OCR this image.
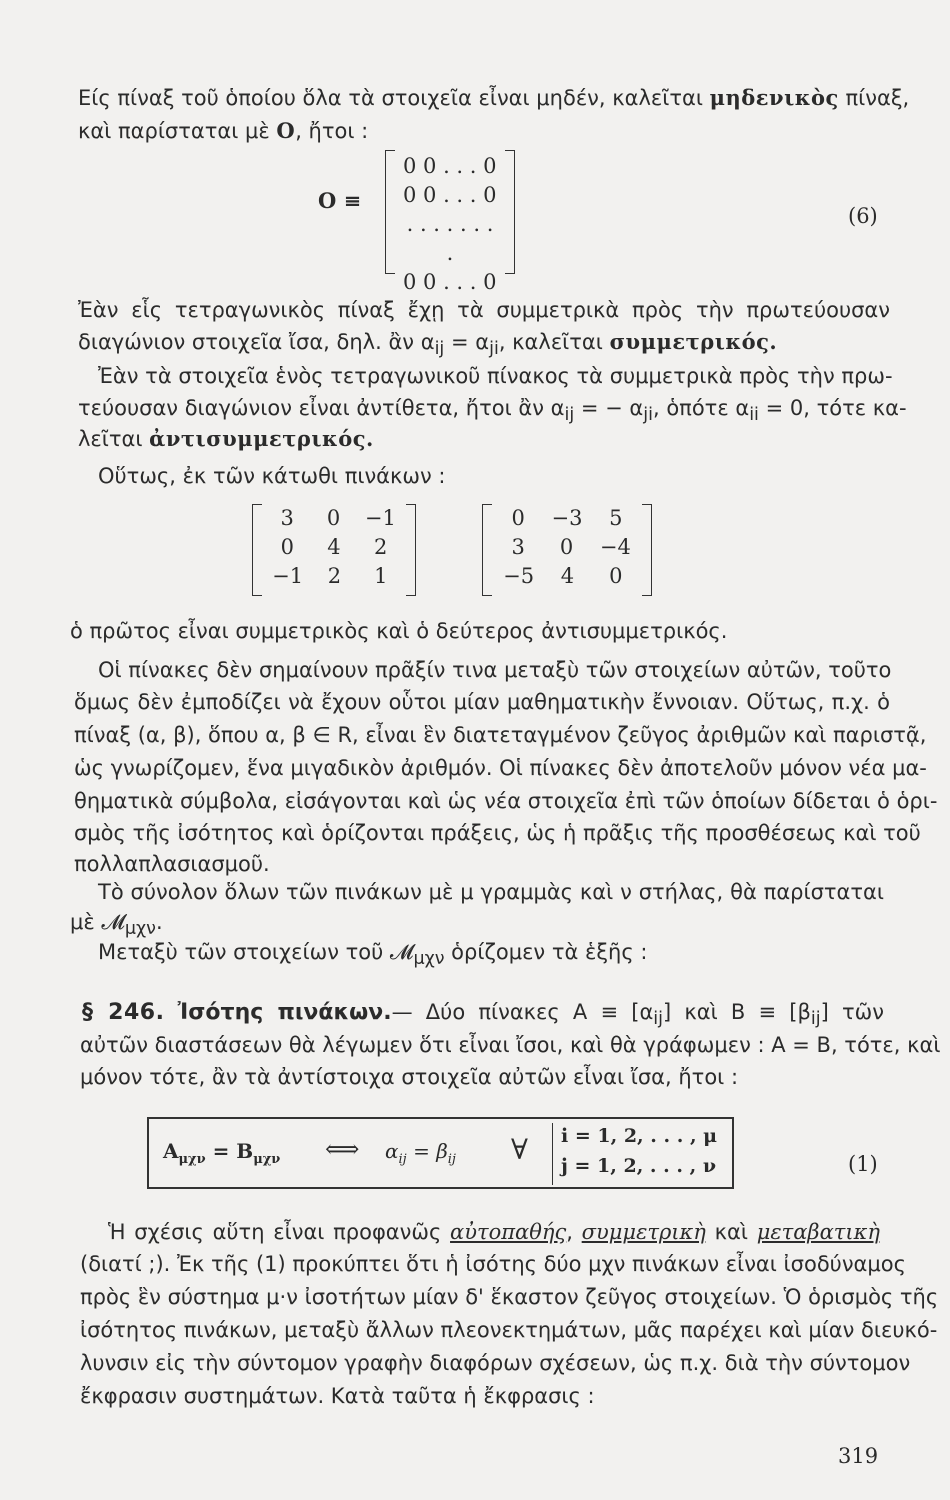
Είς πίναξ τοῦ ὁποίου ὅλα τὰ στοιχεῖα εἶναι μηδέν, καλεῖται μηδενικὸς πίναξ,
καὶ παρίσταται μὲ O, ἤτοι :
O ≡
0 0 . . . 0
0 0 . . . 0
. . . . . . . .
0 0 . . . 0
(6)
Ἐὰν εἷς τετραγωνικὸς πίναξ ἔχῃ τὰ συμμετρικὰ πρὸς τὴν πρωτεύουσαν
διαγώνιον στοιχεῖα ἴσα, δηλ. ἂν $\alpha_{ij} = \alpha_{ji}$, καλεῖται συμμετρικός.
Ἐὰν τὰ στοιχεῖα ἑνὸς τετραγωνικοῦ πίνακος τὰ συμμετρικὰ πρὸς τὴν πρω-
τεύουσαν διαγώνιον εἶναι ἀντίθετα, ἤτοι ἂν $\alpha_{ij}$ = − $\alpha_{ji}$, ὁπότε $\alpha_{ii} = 0$, τότε κα-
λεῖται ἀντισυμμετρικός.
Οὕτως, ἐκ τῶν κάτωθι πινάκων :
3	0	−1
0	4	2
−1	2	1
0	−3	5
3	0	−4
−5	4	0
ὁ πρῶτος εἶναι συμμετρικὸς καὶ ὁ δεύτερος ἀντισυμμετρικός.
Οἱ πίνακες δὲν σημαίνουν πρᾶξίν τινα μεταξὺ τῶν στοιχείων αὐτῶν, τοῦτο
ὅμως δὲν ἐμποδίζει νὰ ἔχουν οὗτοι μίαν μαθηματικὴν ἔννοιαν. Οὕτως, π.χ. ὁ
πίναξ (α, β), ὅπου α, β ∈ R, εἶναι ἓν διατεταγμένον ζεῦγος ἀριθμῶν καὶ παριστᾷ,
ὡς γνωρίζομεν, ἕνα μιγαδικὸν ἀριθμόν. Οἱ πίνακες δὲν ἀποτελοῦν μόνον νέα μα-
θηματικὰ σύμβολα, εἰσάγονται καὶ ὡς νέα στοιχεῖα ἐπὶ τῶν ὁποίων δίδεται ὁ ὁρι-
σμὸς τῆς ἰσότητος καὶ ὁρίζονται πράξεις, ὡς ἡ πρᾶξις τῆς προσθέσεως καὶ τοῦ
πολλαπλασιασμοῦ.
Τὸ σύνολον ὅλων τῶν πινάκων μὲ μ γραμμὰς καὶ ν στήλας, θὰ παρίσταται
μὲ 𝓜$_{\mu\chi\nu}$.
Μεταξὺ τῶν στοιχείων τοῦ 𝓜$_{\mu\chi\nu}$ ὁρίζομεν τὰ ἑξῆς :
§ 246. Ἰσότης πινάκων.— Δύο πίνακες $A \equiv [\alpha_{ij}]$ καὶ $B \equiv [\beta_{ij}]$ τῶν
αὐτῶν διαστάσεων θὰ λέγωμεν ὅτι εἶναι ἴσοι, καὶ θὰ γράφωμεν : A = B, τότε, καὶ
μόνον τότε, ἂν τὰ ἀντίστοιχα στοιχεῖα αὐτῶν εἶναι ἴσα, ἤτοι :
$A_{\mu\chi\nu} = B_{\mu\chi\nu}$ ⟺ $\alpha_{ij} = \beta_{ij}$ ∀ i = 1, 2, . . . , μ
j = 1, 2, . . . , ν	(1)
Ἡ σχέσις αὕτη εἶναι προφανῶς αὐτοπαθής, συμμετρικὴ καὶ μεταβατικὴ
(διατί ;). Ἐκ τῆς (1) προκύπτει ὅτι ἡ ἰσότης δύο μχν πινάκων εἶναι ἰσοδύναμος
πρὸς ἓν σύστημα μ·ν ἰσοτήτων μίαν δ' ἕκαστον ζεῦγος στοιχείων. Ὁ ὁρισμὸς τῆς
ἰσότητος πινάκων, μεταξὺ ἄλλων πλεονεκτημάτων, μᾶς παρέχει καὶ μίαν διευκό-
λυνσιν εἰς τὴν σύντομον γραφὴν διαφόρων σχέσεων, ὡς π.χ. διὰ τὴν σύντομον
ἔκφρασιν συστημάτων. Κατὰ ταῦτα ἡ ἔκφρασις :
319
